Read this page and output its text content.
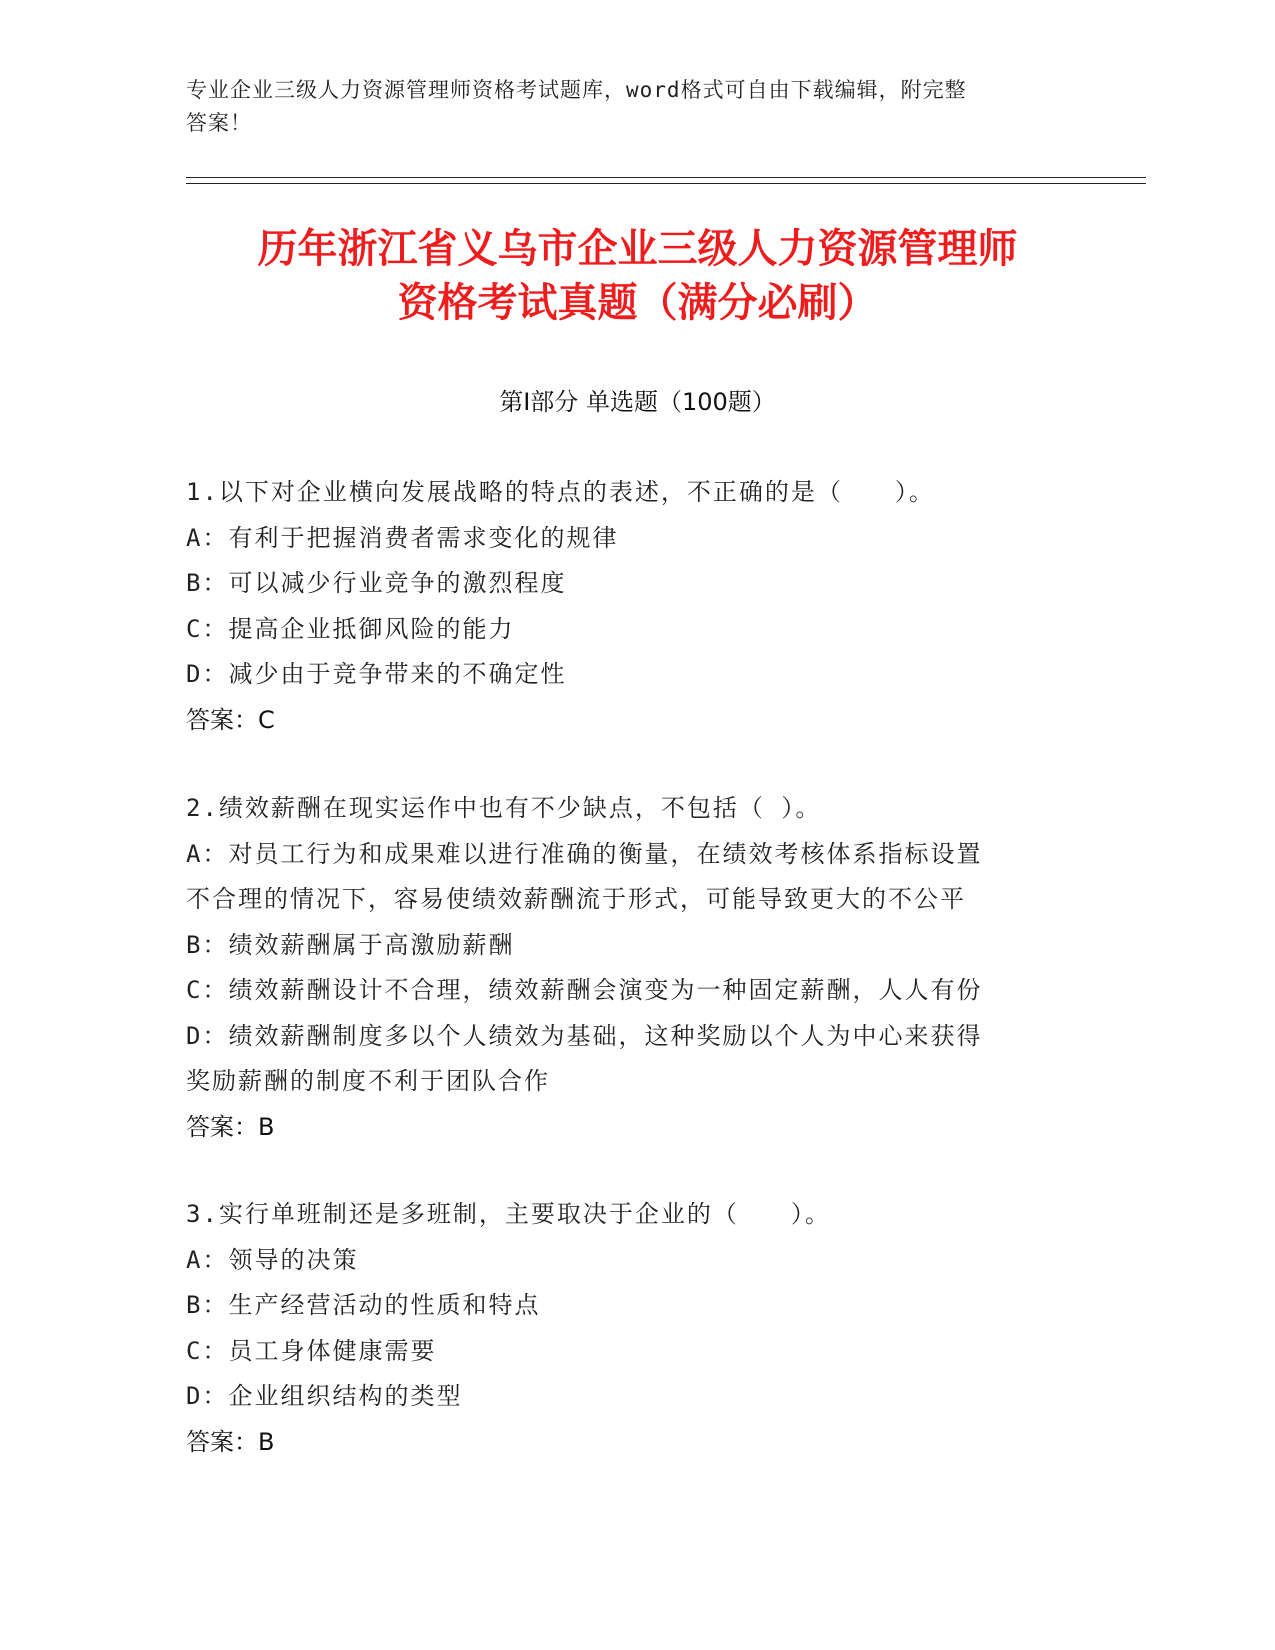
专业企业三级人力资源管理师资格考试题库，word格式可自由下载编辑，附完整
答案！
历年浙江省义乌市企业三级人力资源管理师
资格考试真题（满分必刷）
第Ⅰ部分 单选题（100题）
1.以下对企业横向发展战略的特点的表述，不正确的是（　　）。
A：有利于把握消费者需求变化的规律
B：可以减少行业竞争的激烈程度
C：提高企业抵御风险的能力
D：减少由于竞争带来的不确定性
答案：C
2.绩效薪酬在现实运作中也有不少缺点，不包括（ ）。
A：对员工行为和成果难以进行准确的衡量，在绩效考核体系指标设置
不合理的情况下，容易使绩效薪酬流于形式，可能导致更大的不公平
B：绩效薪酬属于高激励薪酬
C：绩效薪酬设计不合理，绩效薪酬会演变为一种固定薪酬，人人有份
D：绩效薪酬制度多以个人绩效为基础，这种奖励以个人为中心来获得
奖励薪酬的制度不利于团队合作
答案：B
3.实行单班制还是多班制，主要取决于企业的（　　）。
A：领导的决策
B：生产经营活动的性质和特点
C：员工身体健康需要
D：企业组织结构的类型
答案：B
